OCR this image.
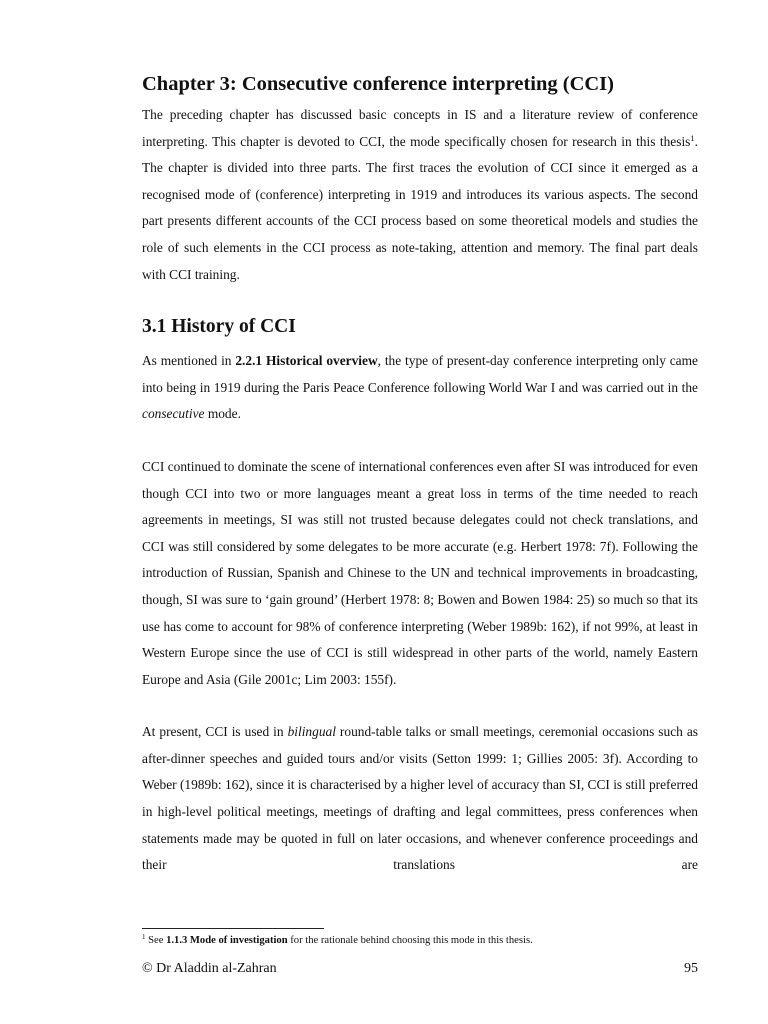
Chapter 3: Consecutive conference interpreting (CCI)

The preceding chapter has discussed basic concepts in IS and a literature review of conference interpreting. This chapter is devoted to CCI, the mode specifically chosen for research in this thesis$^1$. The chapter is divided into three parts. The first traces the evolution of CCI since it emerged as a recognised mode of (conference) interpreting in 1919 and introduces its various aspects. The second part presents different accounts of the CCI process based on some theoretical models and studies the role of such elements in the CCI process as note-taking, attention and memory. The final part deals with CCI training.

3.1 History of CCI

As mentioned in 2.2.1 Historical overview, the type of present-day conference interpreting only came into being in 1919 during the Paris Peace Conference following World War I and was carried out in the consecutive mode.

CCI continued to dominate the scene of international conferences even after SI was introduced for even though CCI into two or more languages meant a great loss in terms of the time needed to reach agreements in meetings, SI was still not trusted because delegates could not check translations, and CCI was still considered by some delegates to be more accurate (e.g. Herbert 1978: 7f). Following the introduction of Russian, Spanish and Chinese to the UN and technical improvements in broadcasting, though, SI was sure to ‘gain ground’ (Herbert 1978: 8; Bowen and Bowen 1984: 25) so much so that its use has come to account for 98% of conference interpreting (Weber 1989b: 162), if not 99%, at least in Western Europe since the use of CCI is still widespread in other parts of the world, namely Eastern Europe and Asia (Gile 2001c; Lim 2003: 155f).

At present, CCI is used in bilingual round-table talks or small meetings, ceremonial occasions such as after-dinner speeches and guided tours and/or visits (Setton 1999: 1; Gillies 2005: 3f). According to Weber (1989b: 162), since it is characterised by a higher level of accuracy than SI, CCI is still preferred in high-level political meetings, meetings of drafting and legal committees, press conferences when statements made may be quoted in full on later occasions, and whenever conference proceedings and their translations are

$^1$ See 1.1.3 Mode of investigation for the rationale behind choosing this mode in this thesis.
© Dr Aladdin al-Zahran	95
